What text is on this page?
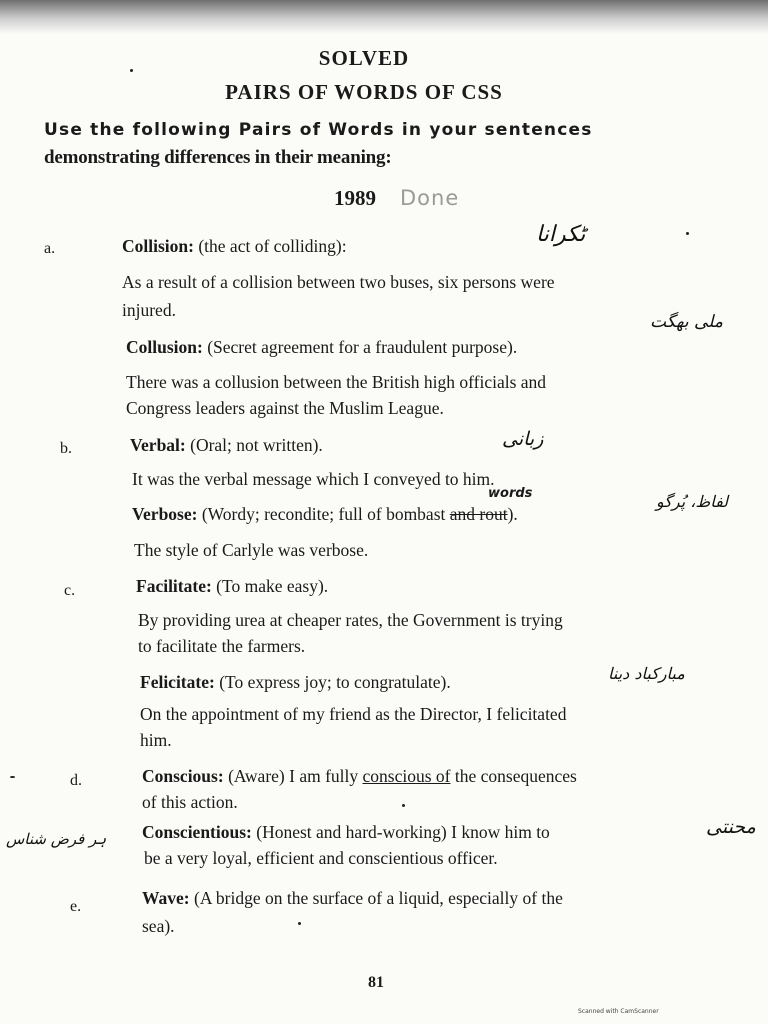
SOLVED
PAIRS OF WORDS OF CSS
Use the following Pairs of Words in your sentences
demonstrating differences in their meaning:
1989 Done
a.	Collision: (the act of colliding):	ٹکرانا
As a result of a collision between two buses, six persons were
injured.
Collusion: (Secret agreement for a fraudulent purpose).
ملی بھگت
There was a collusion between the British high officials and
Congress leaders against the Muslim League.
b.	Verbal: (Oral; not written).	زبانی
It was the verbal message which I conveyed to him.
words
Verbose: (Wordy; recondite; full of bombast and rout).
لفاظ، پُرگو
The style of Carlyle was verbose.
c.	Facilitate: (To make easy).
By providing urea at cheaper rates, the Government is trying
to facilitate the farmers.
Felicitate: (To express joy; to congratulate).	مبارکباد دینا
On the appointment of my friend as the Director, I felicitated
him.
d.	Conscious: (Aware) I am fully conscious of the consequences
of this action.
ہر فرض شناس Conscientious: (Honest and hard-working) I know him to	محنتی
be a very loyal, efficient and conscientious officer.
e.	Wave: (A bridge on the surface of a liquid, especially of the
sea).
81
Scanned with CamScanner
